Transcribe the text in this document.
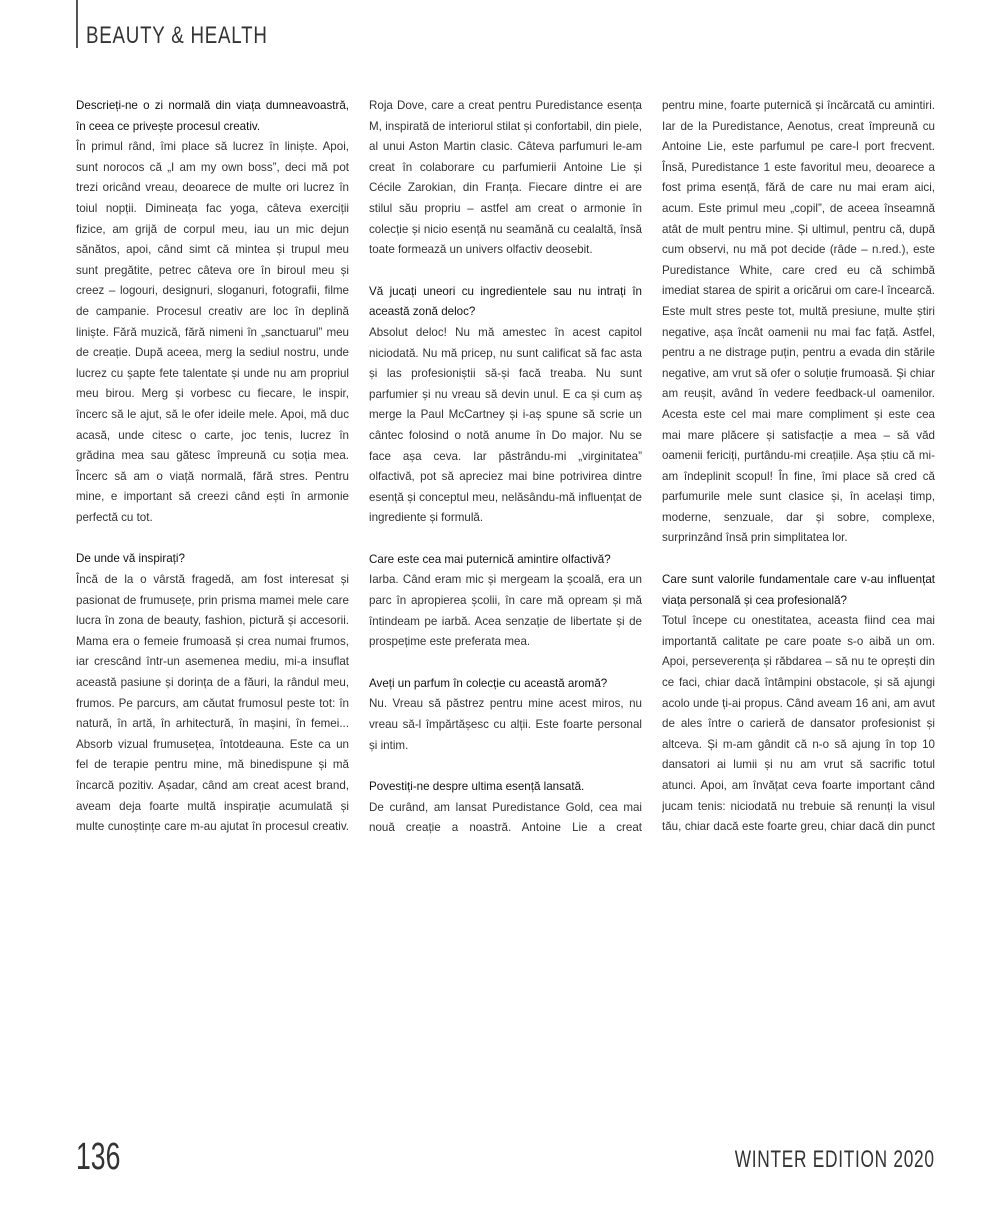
BEAUTY & HEALTH

Descrieți-ne o zi normală din viața dumneavoastră, în ceea ce privește procesul creativ.

În primul rând, îmi place să lucrez în liniște. Apoi, sunt norocos că „I am my own boss”, deci mă pot trezi oricând vreau, deoarece de multe ori lucrez în toiul nopții. Dimineața fac yoga, câteva exerciții fizice, am grijă de corpul meu, iau un mic dejun sănătos, apoi, când simt că mintea și trupul meu sunt pregătite, petrec câteva ore în biroul meu și creez – logouri, designuri, sloganuri, fotografii, filme de campanie. Procesul creativ are loc în deplină liniște. Fără muzică, fără nimeni în „sanctuarul” meu de creație. După aceea, merg la sediul nostru, unde lucrez cu șapte fete talentate și unde nu am propriul meu birou. Merg și vorbesc cu fiecare, le inspir, încerc să le ajut, să le ofer ideile mele. Apoi, mă duc acasă, unde citesc o carte, joc tenis, lucrez în grădina mea sau gătesc împreună cu soția mea. Încerc să am o viață normală, fără stres. Pentru mine, e important să creezi când ești în armonie perfectă cu tot.

De unde vă inspirați?

Încă de la o vârstă fragedă, am fost interesat și pasionat de frumusețe, prin prisma mamei mele care lucra în zona de beauty, fashion, pictură și accesorii. Mama era o femeie frumoasă și crea numai frumos, iar crescând într-un asemenea mediu, mi-a insuflat această pasiune și dorința de a făuri, la rândul meu, frumos. Pe parcurs, am căutat frumosul peste tot: în natură, în artă, în arhitectură, în mașini, în femei... Absorb vizual frumusețea, întotdeauna. Este ca un fel de terapie pentru mine, mă binedispune și mă încarcă pozitiv. Așadar, când am creat acest brand, aveam deja foarte multă inspirație acumulată și multe cunoștințe care m-au ajutat în procesul creativ.

Roja Dove, care a creat pentru Puredistance esența M, inspirată de interiorul stilat și confortabil, din piele, al unui Aston Martin clasic. Câteva parfumuri le-am creat în colaborare cu parfumierii Antoine Lie și Cécile Zarokian, din Franța. Fiecare dintre ei are stilul său propriu – astfel am creat o armonie în colecție și nicio esență nu seamănă cu cealaltă, însă toate formează un univers olfactiv deosebit.

Vă jucați uneori cu ingredientele sau nu intrați în această zonă deloc?

Absolut deloc! Nu mă amestec în acest capitol niciodată. Nu mă pricep, nu sunt calificat să fac asta și las profesioniștii să-și facă treaba. Nu sunt parfumier și nu vreau să devin unul. E ca și cum aș merge la Paul McCartney și i-aș spune să scrie un cântec folosind o notă anume în Do major. Nu se face așa ceva. Iar păstrându-mi „virginitatea” olfactivă, pot să apreciez mai bine potrivirea dintre esență și conceptul meu, nelăsându-mă influențat de ingrediente și formulă.

Care este cea mai puternică amintire olfactivă?

Iarba. Când eram mic și mergeam la școală, era un parc în apropierea școlii, în care mă opream și mă întindeam pe iarbă. Acea senzație de libertate și de prospețime este preferata mea.

Aveți un parfum în colecție cu această aromă?

Nu. Vreau să păstrez pentru mine acest miros, nu vreau să-l împărtășesc cu alții. Este foarte personal și intim.

Povestiți-ne despre ultima esență lansată.

De curând, am lansat Puredistance Gold, cea mai nouă creație a noastră. Antoine Lie a creat

pentru mine, foarte puternică și încărcată cu amintiri. Iar de la Puredistance, Aenotus, creat împreună cu Antoine Lie, este parfumul pe care-l port frecvent. Însă, Puredistance 1 este favoritul meu, deoarece a fost prima esență, fără de care nu mai eram aici, acum. Este primul meu „copil”, de aceea înseamnă atât de mult pentru mine. Și ultimul, pentru că, după cum observi, nu mă pot decide (râde – n.red.), este Puredistance White, care cred eu că schimbă imediat starea de spirit a oricărui om care-l încearcă. Este mult stres peste tot, multă presiune, multe știri negative, așa încât oamenii nu mai fac față. Astfel, pentru a ne distrage puțin, pentru a evada din stările negative, am vrut să ofer o soluție frumoasă. Și chiar am reușit, având în vedere feedback-ul oamenilor. Acesta este cel mai mare compliment și este cea mai mare plăcere și satisfacție a mea – să văd oamenii fericiți, purtându-mi creațiile. Așa știu că mi-am îndeplinit scopul! În fine, îmi place să cred că parfumurile mele sunt clasice și, în același timp, moderne, senzuale, dar și sobre, complexe, surprinzând însă prin simplitatea lor.

Care sunt valorile fundamentale care v-au influențat viața personală și cea profesională?

Totul începe cu onestitatea, aceasta fiind cea mai importantă calitate pe care poate s-o aibă un om. Apoi, perseverența și răbdarea – să nu te oprești din ce faci, chiar dacă întâmpini obstacole, și să ajungi acolo unde ți-ai propus. Când aveam 16 ani, am avut de ales între o carieră de dansator profesionist și altceva. Și m-am gândit că n-o să ajung în top 10 dansatori ai lumii și nu am vrut să sacrific totul atunci. Apoi, am învățat ceva foarte important când jucam tenis: niciodată nu trebuie să renunți la visul tău, chiar dacă este foarte greu, chiar dacă din punct

136	WINTER EDITION 2020
